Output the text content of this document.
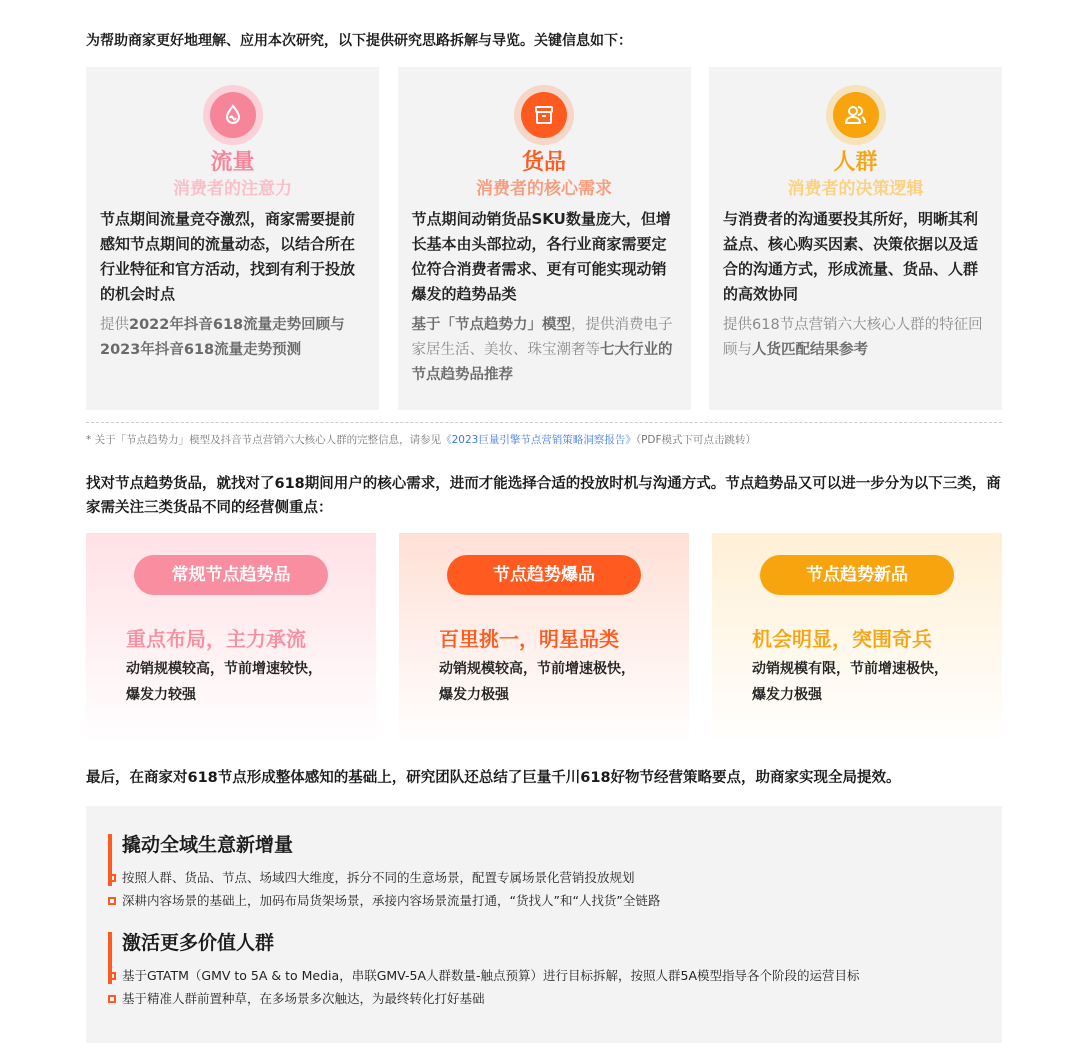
为帮助商家更好地理解、应用本次研究，以下提供研究思路拆解与导览。关键信息如下：
流量
消费者的注意力
节点期间流量竞夺激烈，商家需要提前感知节点期间的流量动态，以结合所在行业特征和官方活动，找到有利于投放的机会时点
提供2022年抖音618流量走势回顾与2023年抖音618流量走势预测
货品
消费者的核心需求
节点期间动销货品SKU数量庞大，但增长基本由头部拉动，各行业商家需要定位符合消费者需求、更有可能实现动销爆发的趋势品类
基于「节点趋势力」模型，提供消费电子家居生活、美妆、珠宝潮奢等七大行业的节点趋势品推荐
人群
消费者的决策逻辑
与消费者的沟通要投其所好，明晰其利益点、核心购买因素、决策依据以及适合的沟通方式，形成流量、货品、人群的高效协同
提供618节点营销六大核心人群的特征回顾与人货匹配结果参考
* 关于「节点趋势力」模型及抖音节点营销六大核心人群的完整信息，请参见《2023巨量引擎节点营销策略洞察报告》（PDF模式下可点击跳转）
找对节点趋势货品，就找对了618期间用户的核心需求，进而才能选择合适的投放时机与沟通方式。节点趋势品又可以进一步分为以下三类，商家需关注三类货品不同的经营侧重点：
常规节点趋势品
重点布局，主力承流
动销规模较高，节前增速较快，
爆发力较强
节点趋势爆品
百里挑一，明星品类
动销规模较高，节前增速极快，
爆发力极强
节点趋势新品
机会明显，突围奇兵
动销规模有限，节前增速极快，
爆发力极强
最后，在商家对618节点形成整体感知的基础上，研究团队还总结了巨量千川618好物节经营策略要点，助商家实现全局提效。
撬动全域生意新增量
按照人群、货品、节点、场域四大维度，拆分不同的生意场景，配置专属场景化营销投放规划
深耕内容场景的基础上，加码布局货架场景，承接内容场景流量打通，“货找人”和“人找货”全链路
激活更多价值人群
基于GTATM（GMV to 5A & to Media，串联GMV-5A人群数量-触点预算）进行目标拆解，按照人群5A模型指导各个阶段的运营目标
基于精准人群前置种草，在多场景多次触达，为最终转化打好基础
